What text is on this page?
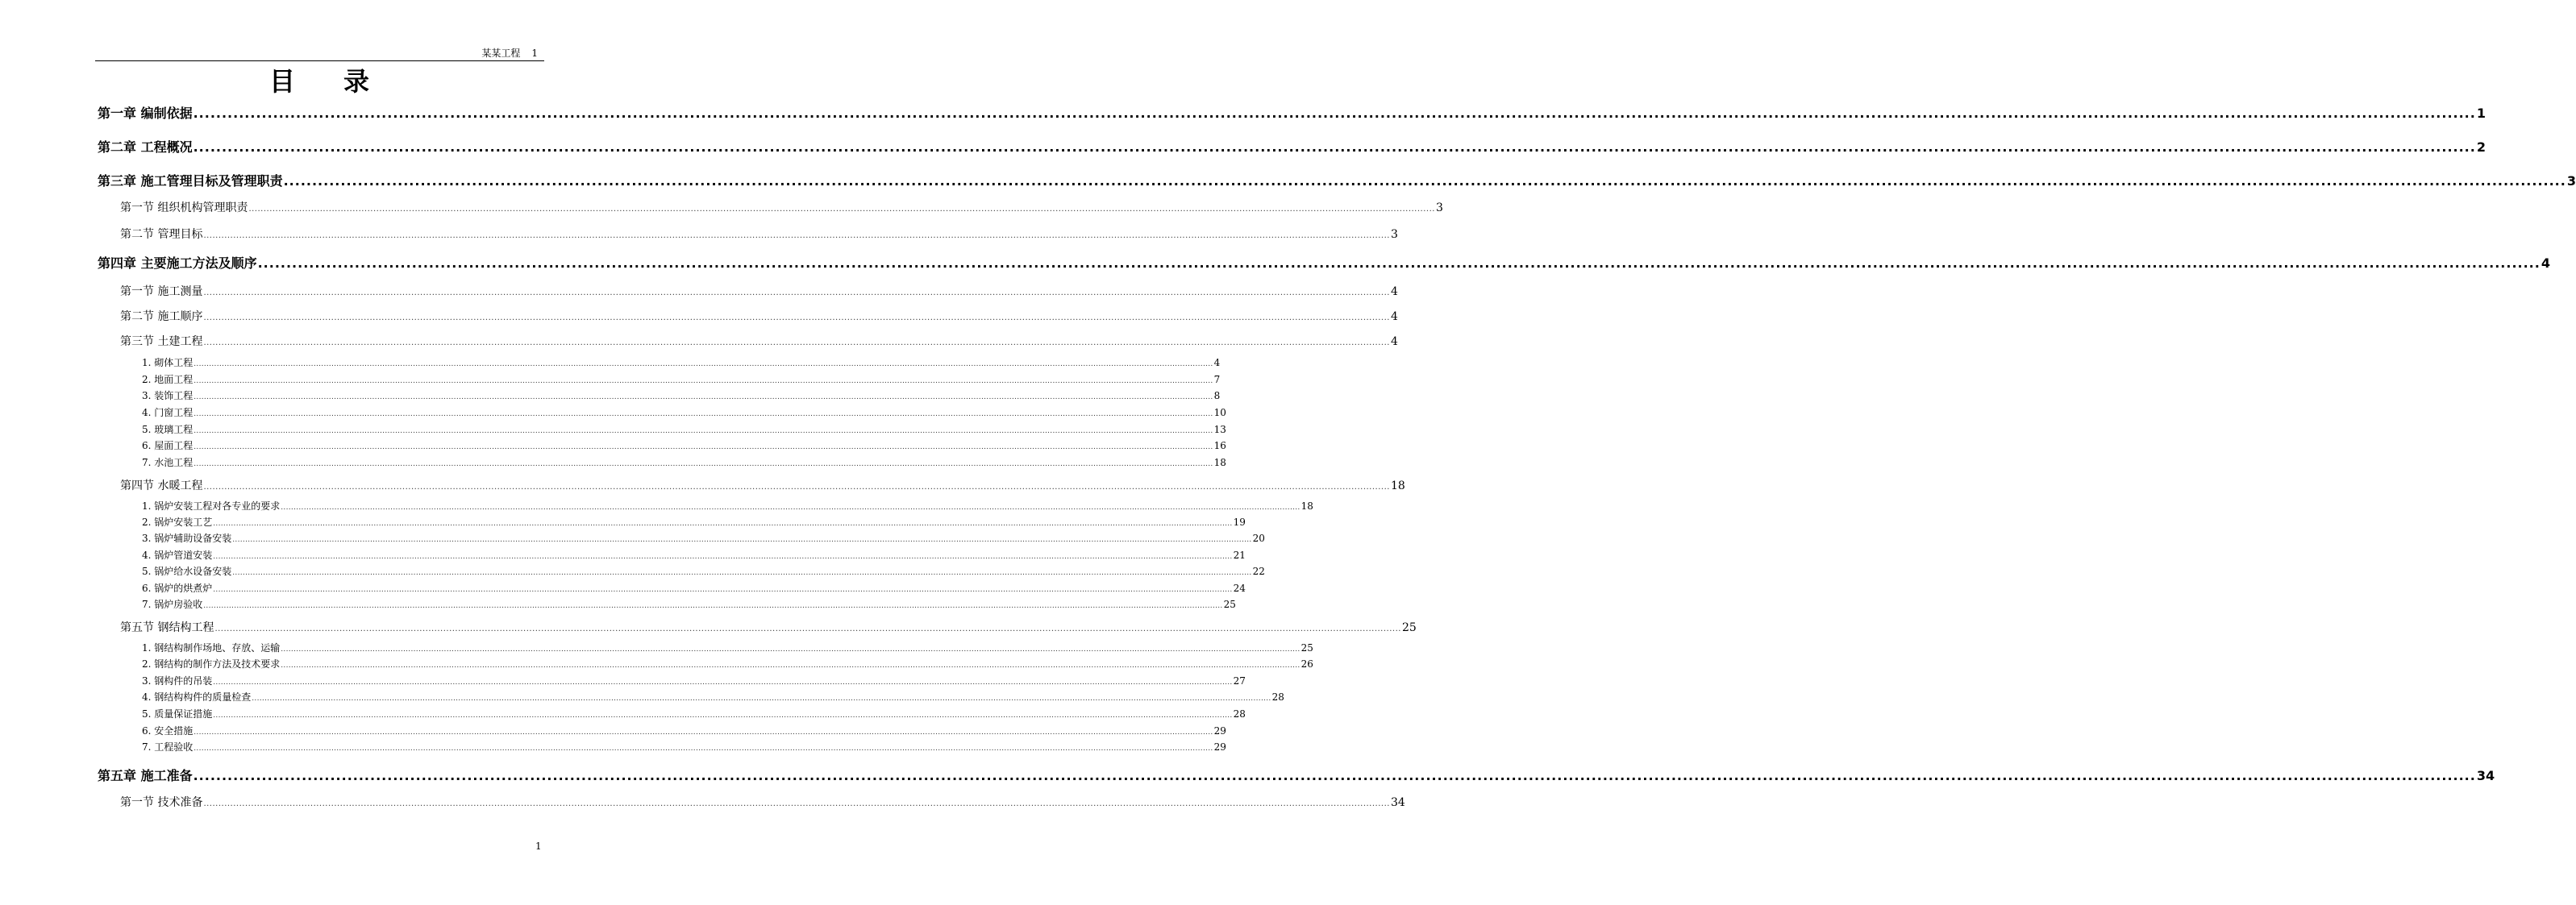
某某工程 1
目 录
第一章 编制依据 ................................................................................................................................................................................................................................................................................................................................................................................................................ 1
第二章 工程概况 ................................................................................................................................................................................................................................................................................................................................................................................................................ 2
第三章 施工管理目标及管理职责 ................................................................................................................................................................................................................................................................................................................................................................................................................ 3
第一节 组织机构管理职责 ................................................................................................................................................................................................................................................................................................................................................................................................................ 3
第二节 管理目标 ................................................................................................................................................................................................................................................................................................................................................................................................................ 3
第四章 主要施工方法及顺序 ................................................................................................................................................................................................................................................................................................................................................................................................................ 4
第一节 施工测量 ................................................................................................................................................................................................................................................................................................................................................................................................................ 4
第二节 施工顺序 ................................................................................................................................................................................................................................................................................................................................................................................................................ 4
第三节 土建工程 ................................................................................................................................................................................................................................................................................................................................................................................................................ 4
1. 砌体工程 ................................................................................................................................................................................................................................................................................................................................................................................................................ 4
2. 地面工程 ................................................................................................................................................................................................................................................................................................................................................................................................................ 7
3. 装饰工程 ................................................................................................................................................................................................................................................................................................................................................................................................................ 8
4. 门窗工程 ................................................................................................................................................................................................................................................................................................................................................................................................................ 10
5. 玻璃工程 ................................................................................................................................................................................................................................................................................................................................................................................................................ 13
6. 屋面工程 ................................................................................................................................................................................................................................................................................................................................................................................................................ 16
7. 水池工程 ................................................................................................................................................................................................................................................................................................................................................................................................................ 18
第四节 水暖工程 ................................................................................................................................................................................................................................................................................................................................................................................................................ 18
1. 锅炉安装工程对各专业的要求 ................................................................................................................................................................................................................................................................................................................................................................................................................ 18
2. 锅炉安装工艺 ................................................................................................................................................................................................................................................................................................................................................................................................................ 19
3. 锅炉辅助设备安装 ................................................................................................................................................................................................................................................................................................................................................................................................................ 20
4. 锅炉管道安装 ................................................................................................................................................................................................................................................................................................................................................................................................................ 21
5. 锅炉给水设备安装 ................................................................................................................................................................................................................................................................................................................................................................................................................ 22
6. 锅炉的烘煮炉 ................................................................................................................................................................................................................................................................................................................................................................................................................ 24
7. 锅炉房验收 ................................................................................................................................................................................................................................................................................................................................................................................................................ 25
第五节 钢结构工程 ................................................................................................................................................................................................................................................................................................................................................................................................................ 25
1. 钢结构制作场地、存放、运输 ................................................................................................................................................................................................................................................................................................................................................................................................................ 25
2. 钢结构的制作方法及技术要求 ................................................................................................................................................................................................................................................................................................................................................................................................................ 26
3. 钢构件的吊装 ................................................................................................................................................................................................................................................................................................................................................................................................................ 27
4. 钢结构构件的质量检查 ................................................................................................................................................................................................................................................................................................................................................................................................................ 28
5. 质量保证措施 ................................................................................................................................................................................................................................................................................................................................................................................................................ 28
6. 安全措施 ................................................................................................................................................................................................................................................................................................................................................................................................................ 29
7. 工程验收 ................................................................................................................................................................................................................................................................................................................................................................................................................ 29
第五章 施工准备 ................................................................................................................................................................................................................................................................................................................................................................................................................ 34
第一节 技术准备 ................................................................................................................................................................................................................................................................................................................................................................................................................ 34
1
